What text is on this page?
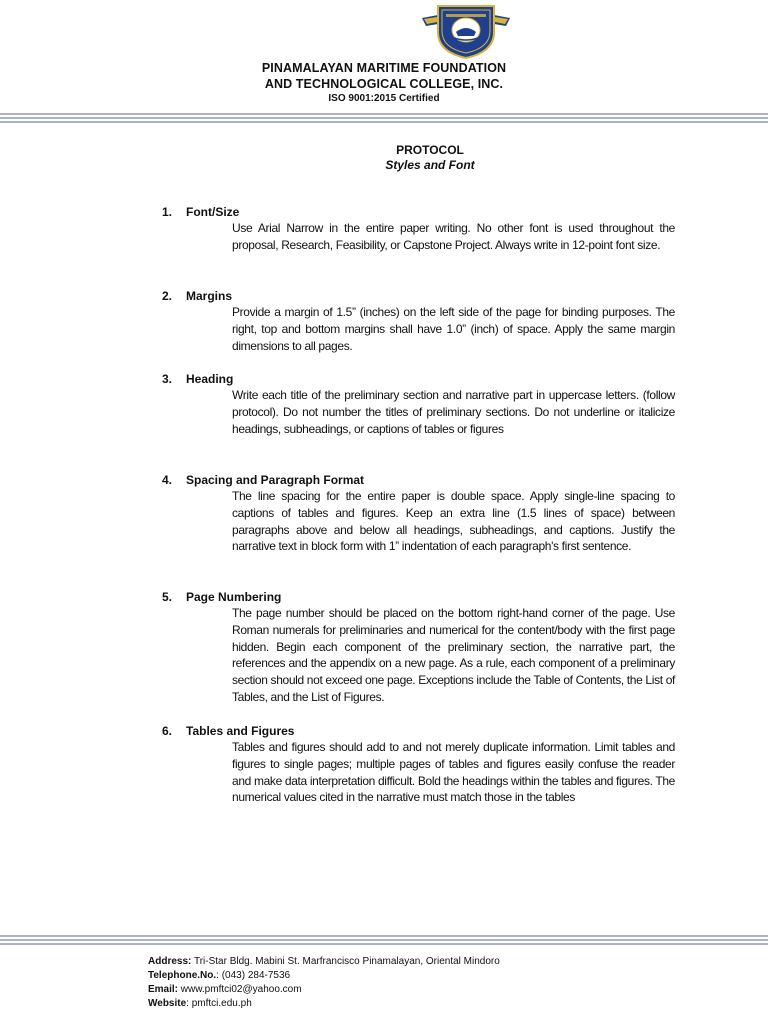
PINAMALAYAN MARITIME FOUNDATION
AND TECHNOLOGICAL COLLEGE, INC.
ISO 9001:2015 Certified
PROTOCOL
Styles and Font
1. Font/Size
Use Arial Narrow in the entire paper writing. No other font is used throughout the proposal, Research, Feasibility, or Capstone Project. Always write in 12-point font size.
2. Margins
Provide a margin of 1.5” (inches) on the left side of the page for binding purposes. The right, top and bottom margins shall have 1.0” (inch) of space. Apply the same margin dimensions to all pages.
3. Heading
Write each title of the preliminary section and narrative part in uppercase letters. (follow protocol). Do not number the titles of preliminary sections. Do not underline or italicize headings, subheadings, or captions of tables or figures
4. Spacing and Paragraph Format
The line spacing for the entire paper is double space. Apply single-line spacing to captions of tables and figures. Keep an extra line (1.5 lines of space) between paragraphs above and below all headings, subheadings, and captions. Justify the narrative text in block form with 1” indentation of each paragraph's first sentence.
5. Page Numbering
The page number should be placed on the bottom right-hand corner of the page. Use Roman numerals for preliminaries and numerical for the content/body with the first page hidden. Begin each component of the preliminary section, the narrative part, the references and the appendix on a new page. As a rule, each component of a preliminary section should not exceed one page. Exceptions include the Table of Contents, the List of Tables, and the List of Figures.
6. Tables and Figures
Tables and figures should add to and not merely duplicate information. Limit tables and figures to single pages; multiple pages of tables and figures easily confuse the reader and make data interpretation difficult. Bold the headings within the tables and figures. The numerical values cited in the narrative must match those in the tables
Address: Tri-Star Bldg. Mabini St. Marfrancisco Pinamalayan, Oriental Mindoro
Telephone.No.: (043) 284-7536
Email: www.pmftci02@yahoo.com
Website: pmftci.edu.ph
